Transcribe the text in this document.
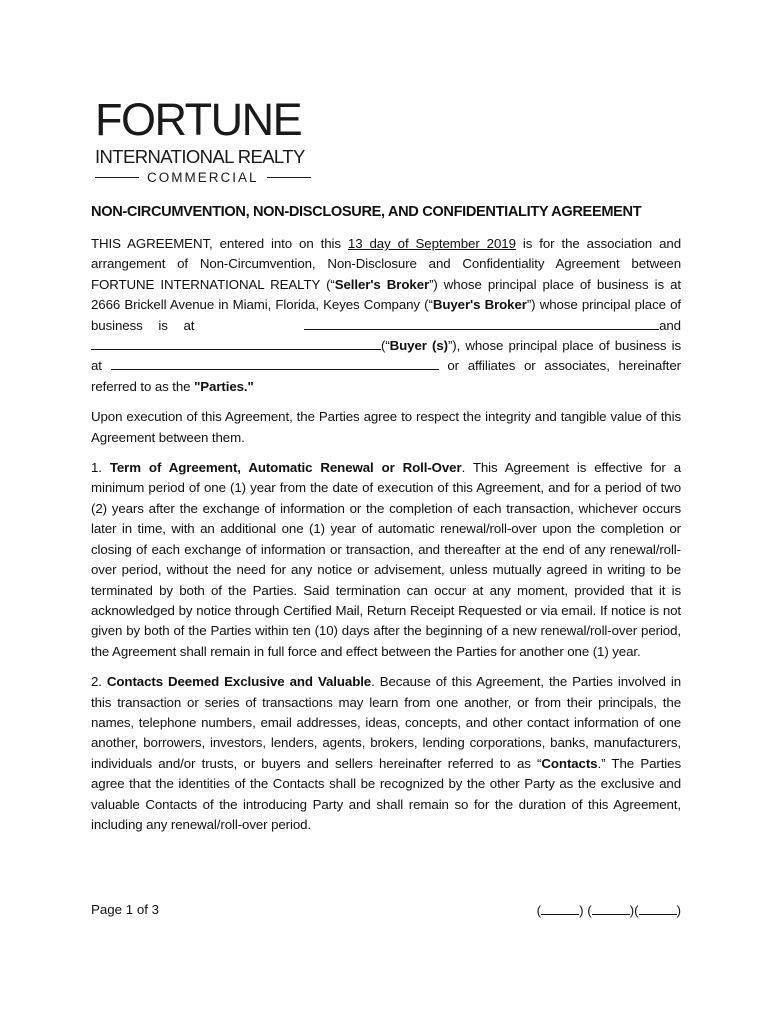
FORTUNE
INTERNATIONAL REALTY
COMMERCIAL
NON-CIRCUMVENTION, NON-DISCLOSURE, AND CONFIDENTIALITY AGREEMENT

THIS AGREEMENT, entered into on this 13 day of September 2019 is for the association and arrangement of Non-Circumvention, Non-Disclosure and Confidentiality Agreement between FORTUNE INTERNATIONAL REALTY (“Seller's Broker”) whose principal place of business is at 2666 Brickell Avenue in Miami, Florida, Keyes Company (“Buyer's Broker”) whose principal place of business is at	and (“Buyer (s)”), whose principal place of business is at	or affiliates or associates, hereinafter referred to as the "Parties."

Upon execution of this Agreement, the Parties agree to respect the integrity and tangible value of this Agreement between them.

1. Term of Agreement, Automatic Renewal or Roll-Over. This Agreement is effective for a minimum period of one (1) year from the date of execution of this Agreement, and for a period of two (2) years after the exchange of information or the completion of each transaction, whichever occurs later in time, with an additional one (1) year of automatic renewal/roll-over upon the completion or closing of each exchange of information or transaction, and thereafter at the end of any renewal/roll-over period, without the need for any notice or advisement, unless mutually agreed in writing to be terminated by both of the Parties. Said termination can occur at any moment, provided that it is acknowledged by notice through Certified Mail, Return Receipt Requested or via email. If notice is not given by both of the Parties within ten (10) days after the beginning of a new renewal/roll-over period, the Agreement shall remain in full force and effect between the Parties for another one (1) year.

2. Contacts Deemed Exclusive and Valuable. Because of this Agreement, the Parties involved in this transaction or series of transactions may learn from one another, or from their principals, the names, telephone numbers, email addresses, ideas, concepts, and other contact information of one another, borrowers, investors, lenders, agents, brokers, lending corporations, banks, manufacturers, individuals and/or trusts, or buyers and sellers hereinafter referred to as “Contacts.” The Parties agree that the identities of the Contacts shall be recognized by the other Party as the exclusive and valuable Contacts of the introducing Party and shall remain so for the duration of this Agreement, including any renewal/roll-over period.

Page 1 of 3	(	) (	)(	)
